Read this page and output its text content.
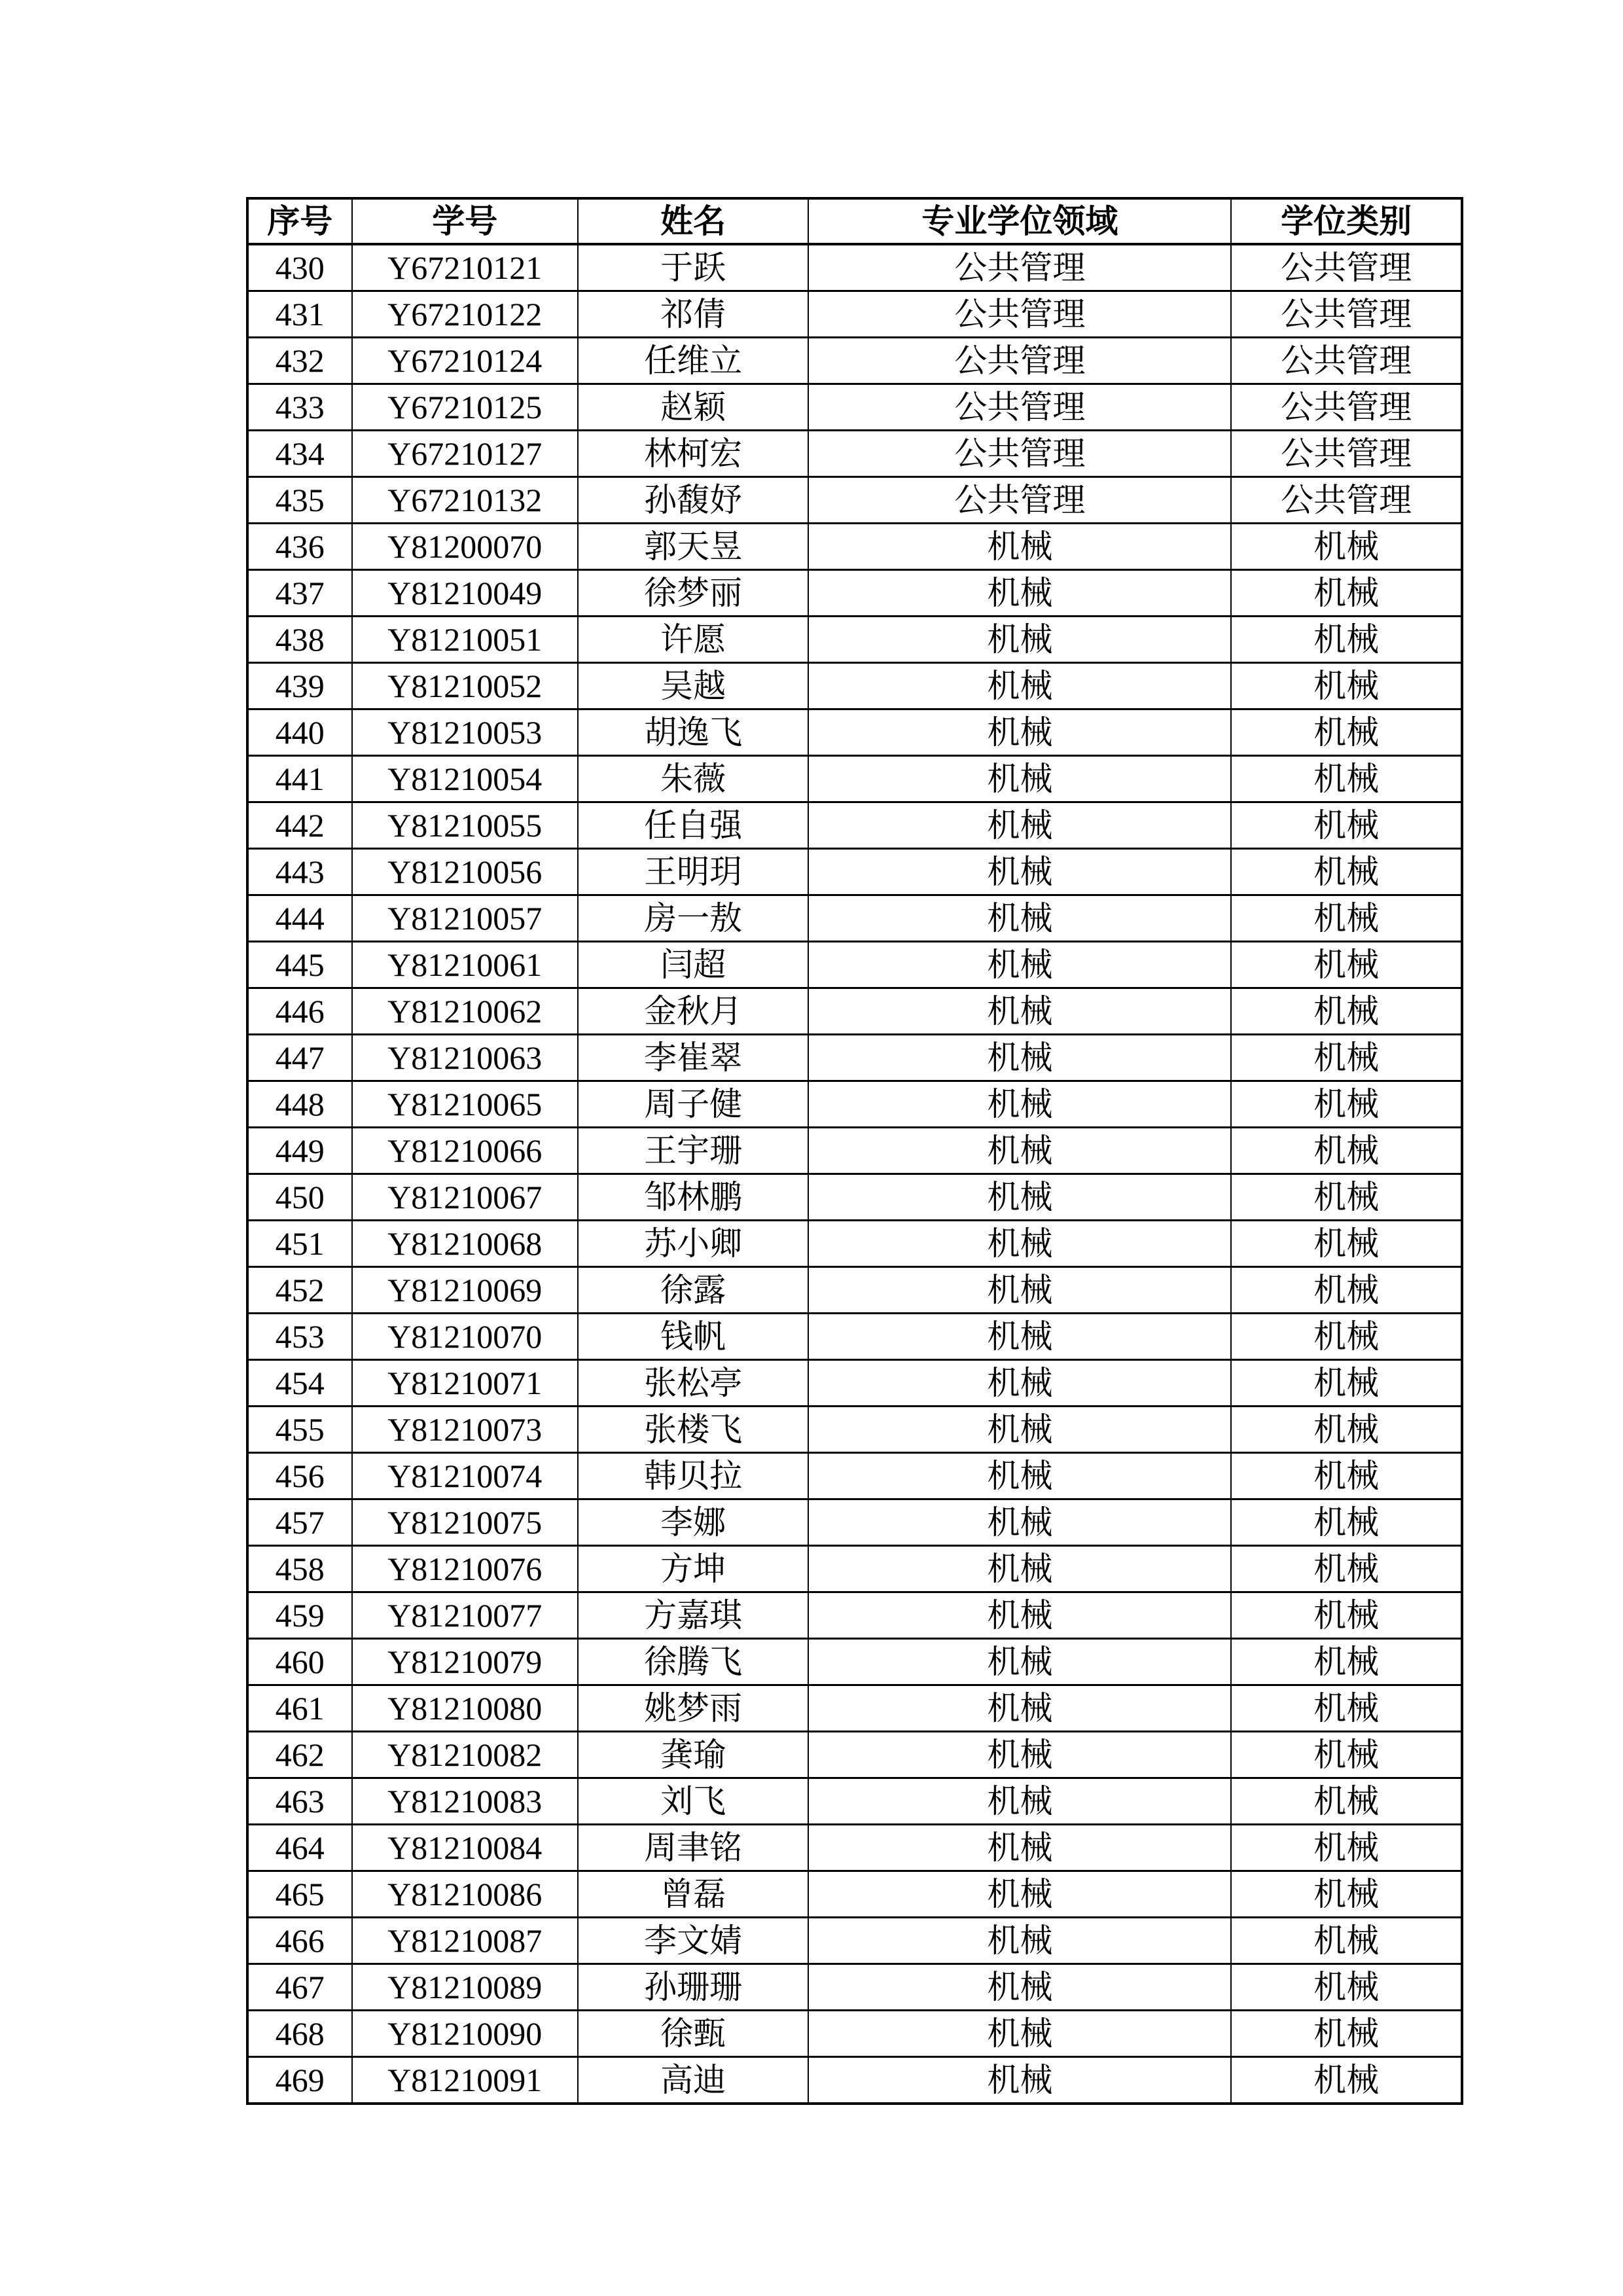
序号	学号	姓名	专业学位领域	学位类别
430	Y67210121	于跃	公共管理	公共管理
431	Y67210122	祁倩	公共管理	公共管理
432	Y67210124	任维立	公共管理	公共管理
433	Y67210125	赵颖	公共管理	公共管理
434	Y67210127	林柯宏	公共管理	公共管理
435	Y67210132	孙馥妤	公共管理	公共管理
436	Y81200070	郭天昱	机械	机械
437	Y81210049	徐梦丽	机械	机械
438	Y81210051	许愿	机械	机械
439	Y81210052	吴越	机械	机械
440	Y81210053	胡逸飞	机械	机械
441	Y81210054	朱薇	机械	机械
442	Y81210055	任自强	机械	机械
443	Y81210056	王明玥	机械	机械
444	Y81210057	房一敖	机械	机械
445	Y81210061	闫超	机械	机械
446	Y81210062	金秋月	机械	机械
447	Y81210063	李崔翠	机械	机械
448	Y81210065	周子健	机械	机械
449	Y81210066	王宇珊	机械	机械
450	Y81210067	邹林鹏	机械	机械
451	Y81210068	苏小卿	机械	机械
452	Y81210069	徐露	机械	机械
453	Y81210070	钱帆	机械	机械
454	Y81210071	张松亭	机械	机械
455	Y81210073	张楼飞	机械	机械
456	Y81210074	韩贝拉	机械	机械
457	Y81210075	李娜	机械	机械
458	Y81210076	方坤	机械	机械
459	Y81210077	方嘉琪	机械	机械
460	Y81210079	徐腾飞	机械	机械
461	Y81210080	姚梦雨	机械	机械
462	Y81210082	龚瑜	机械	机械
463	Y81210083	刘飞	机械	机械
464	Y81210084	周聿铭	机械	机械
465	Y81210086	曾磊	机械	机械
466	Y81210087	李文婧	机械	机械
467	Y81210089	孙珊珊	机械	机械
468	Y81210090	徐甄	机械	机械
469	Y81210091	高迪	机械	机械
